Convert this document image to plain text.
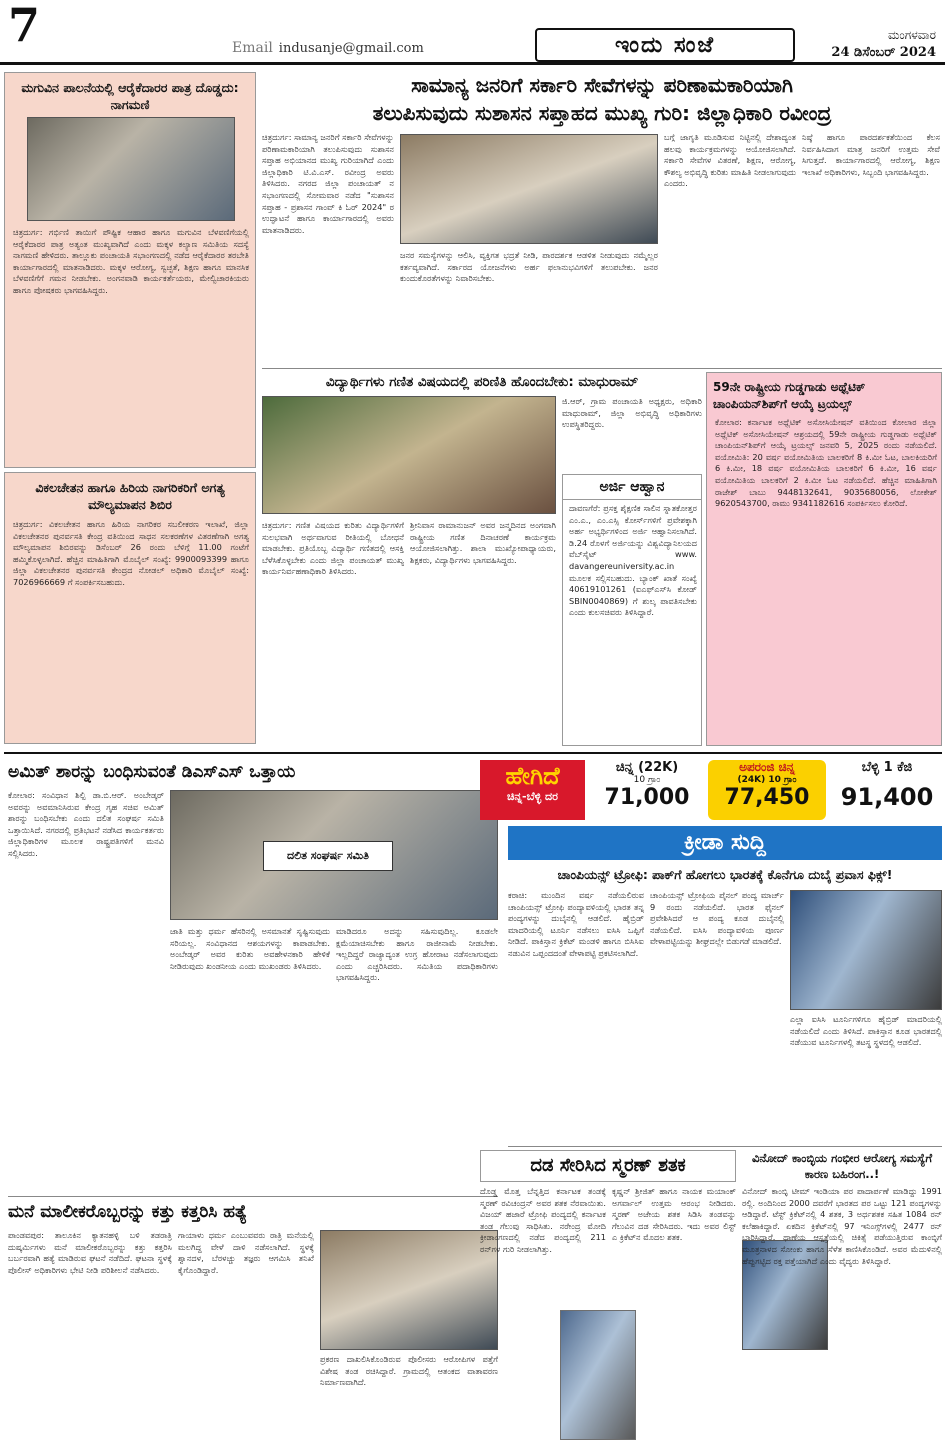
7	Email indusanje@gmail.com	ಇಂದು ಸಂಜೆ	ಮಂಗಳವಾರ
24 ಡಿಸೆಂಬರ್ 2024
ಮಗುವಿನ ಪಾಲನೆಯಲ್ಲಿ ಆರೈಕೆದಾರರ ಪಾತ್ರ ದೊಡ್ಡದು: ನಾಗಮಣಿ
ಚಿತ್ರದುರ್ಗ: ಗರ್ಭಿಣಿ ತಾಯಿಗೆ ಪೌಷ್ಟಿಕ ಆಹಾರ ಹಾಗೂ ಮಗುವಿನ ಬೆಳವಣಿಗೆಯಲ್ಲಿ ಆರೈಕೆದಾರರ ಪಾತ್ರ ಅತ್ಯಂತ ಮುಖ್ಯವಾಗಿದೆ ಎಂದು ಮಕ್ಕಳ ಕಲ್ಯಾಣ ಸಮಿತಿಯ ಸದಸ್ಯೆ ನಾಗಮಣಿ ಹೇಳಿದರು. ತಾಲ್ಲೂಕು ಪಂಚಾಯತಿ ಸಭಾಂಗಣದಲ್ಲಿ ನಡೆದ ಆರೈಕೆದಾರರ ತರಬೇತಿ ಕಾರ್ಯಾಗಾರದಲ್ಲಿ ಮಾತನಾಡಿದರು. ಮಕ್ಕಳ ಆರೋಗ್ಯ, ಸ್ವಚ್ಛತೆ, ಶಿಕ್ಷಣ ಹಾಗೂ ಮಾನಸಿಕ ಬೆಳವಣಿಗೆಗೆ ಗಮನ ನೀಡಬೇಕು. ಅಂಗನವಾಡಿ ಕಾರ್ಯಕರ್ತೆಯರು, ಮೇಲ್ವಿಚಾರಕಿಯರು ಹಾಗೂ ಪೋಷಕರು ಭಾಗವಹಿಸಿದ್ದರು.
ವಿಕಲಚೇತನ ಹಾಗೂ ಹಿರಿಯ ನಾಗರಿಕರಿಗೆ ಅಗತ್ಯ ಮೌಲ್ಯಮಾಪನ ಶಿಬಿರ
ಚಿತ್ರದುರ್ಗ: ವಿಕಲಚೇತನ ಹಾಗೂ ಹಿರಿಯ ನಾಗರಿಕರ ಸಬಲೀಕರಣ ಇಲಾಖೆ, ಜಿಲ್ಲಾ ವಿಕಲಚೇತನರ ಪುನರ್ವಸತಿ ಕೇಂದ್ರ ವತಿಯಿಂದ ಸಾಧನ ಸಲಕರಣೆಗಳ ವಿತರಣೆಗಾಗಿ ಅಗತ್ಯ ಮೌಲ್ಯಮಾಪನ ಶಿಬಿರವನ್ನು ಡಿಸೆಂಬರ್ 26 ರಂದು ಬೆಳಿಗ್ಗೆ 11.00 ಗಂಟೆಗೆ ಹಮ್ಮಿಕೊಳ್ಳಲಾಗಿದೆ. ಹೆಚ್ಚಿನ ಮಾಹಿತಿಗಾಗಿ ಮೊಬೈಲ್ ಸಂಖ್ಯೆ: 9900093399 ಹಾಗೂ ಜಿಲ್ಲಾ ವಿಕಲಚೇತನರ ಪುನರ್ವಸತಿ ಕೇಂದ್ರದ ನೋಡಲ್ ಅಧಿಕಾರಿ ಮೊಬೈಲ್ ಸಂಖ್ಯೆ: 7026966669 ಗೆ ಸಂಪರ್ಕಿಸಬಹುದು.
ಸಾಮಾನ್ಯ ಜನರಿಗೆ ಸರ್ಕಾರಿ ಸೇವೆಗಳನ್ನು ಪರಿಣಾಮಕಾರಿಯಾಗಿ
ತಲುಪಿಸುವುದು ಸುಶಾಸನ ಸಪ್ತಾಹದ ಮುಖ್ಯ ಗುರಿ: ಜಿಲ್ಲಾಧಿಕಾರಿ ರವೀಂದ್ರ
ಚಿತ್ರದುರ್ಗ: ಸಾಮಾನ್ಯ ಜನರಿಗೆ ಸರ್ಕಾರಿ ಸೇವೆಗಳನ್ನು ಪರಿಣಾಮಕಾರಿಯಾಗಿ ತಲುಪಿಸುವುದು ಸುಶಾಸನ ಸಪ್ತಾಹ ಅಭಿಯಾನದ ಮುಖ್ಯ ಗುರಿಯಾಗಿದೆ ಎಂದು ಜಿಲ್ಲಾಧಿಕಾರಿ ಟಿ.ವಿ.ಎಸ್. ರವೀಂದ್ರ ಅವರು ತಿಳಿಸಿದರು. ನಗರದ ಜಿಲ್ಲಾ ಪಂಚಾಯತ್ ನ ಸಭಾಂಗಣದಲ್ಲಿ ಸೋಮವಾರ ನಡೆದ "ಸುಶಾಸನ ಸಪ್ತಾಹ - ಪ್ರಶಾಸನ ಗಾಂವ್ ಕಿ ಓರ್ 2024" ರ ಉದ್ಘಾಟನೆ ಹಾಗೂ ಕಾರ್ಯಾಗಾರದಲ್ಲಿ ಅವರು ಮಾತನಾಡಿದರು.
ಜನರ ಸಮಸ್ಯೆಗಳನ್ನು ಆಲಿಸಿ, ವ್ಯಕ್ತಿಗತ ಭದ್ರತೆ ನೀಡಿ, ಪಾರದರ್ಶಕ ಆಡಳಿತ ನೀಡುವುದು ನಮ್ಮೆಲ್ಲರ ಕರ್ತವ್ಯವಾಗಿದೆ. ಸರ್ಕಾರದ ಯೋಜನೆಗಳು ಅರ್ಹ ಫಲಾನುಭವಿಗಳಿಗೆ ತಲುಪಬೇಕು. ಜನರ ಕುಂದುಕೊರತೆಗಳನ್ನು ನಿವಾರಿಸಬೇಕು.
ಬಗ್ಗೆ ಜಾಗೃತಿ ಮೂಡಿಸುವ ನಿಟ್ಟಿನಲ್ಲಿ ದೇಶಾದ್ಯಂತ ಹಲವು ಕಾರ್ಯಕ್ರಮಗಳನ್ನು ಆಯೋಜಿಸಲಾಗಿದೆ. ಸರ್ಕಾರಿ ಸೇವೆಗಳ ವಿತರಣೆ, ಶಿಕ್ಷಣ, ಆರೋಗ್ಯ, ಕೌಶಲ್ಯ ಅಭಿವೃದ್ಧಿ ಕುರಿತು ಮಾಹಿತಿ ನೀಡಲಾಗುವುದು ಎಂದರು.
ನಿಷ್ಠೆ ಹಾಗೂ ಪಾರದರ್ಶಕತೆಯಿಂದ ಕೆಲಸ ನಿರ್ವಹಿಸಿದಾಗ ಮಾತ್ರ ಜನರಿಗೆ ಉತ್ತಮ ಸೇವೆ ಸಿಗುತ್ತದೆ. ಕಾರ್ಯಾಗಾರದಲ್ಲಿ ಆರೋಗ್ಯ, ಶಿಕ್ಷಣ ಇಲಾಖೆ ಅಧಿಕಾರಿಗಳು, ಸಿಬ್ಬಂದಿ ಭಾಗವಹಿಸಿದ್ದರು.
ವಿದ್ಯಾರ್ಥಿಗಳು ಗಣಿತ ವಿಷಯದಲ್ಲಿ ಪರಿಣಿತಿ ಹೊಂದಬೇಕು: ಮಾಧುರಾಮ್
ಜಿ.ಆರ್, ಗ್ರಾಮ ಪಂಚಾಯತಿ ಅಧ್ಯಕ್ಷರು, ಅಧಿಕಾರಿ ಮಾಧುರಾಮ್, ಜಿಲ್ಲಾ ಅಭಿವೃದ್ಧಿ ಅಧಿಕಾರಿಗಳು ಉಪಸ್ಥಿತರಿದ್ದರು.
ಚಿತ್ರದುರ್ಗ: ಗಣಿತ ವಿಷಯದ ಕುರಿತು ವಿದ್ಯಾರ್ಥಿಗಳಿಗೆ ಸುಲಭವಾಗಿ ಅರ್ಥವಾಗುವ ರೀತಿಯಲ್ಲಿ ಬೋಧನೆ ಮಾಡಬೇಕು. ಪ್ರತಿಯೊಬ್ಬ ವಿದ್ಯಾರ್ಥಿ ಗಣಿತದಲ್ಲಿ ಆಸಕ್ತಿ ಬೆಳೆಸಿಕೊಳ್ಳಬೇಕು ಎಂದು ಜಿಲ್ಲಾ ಪಂಚಾಯತ್ ಮುಖ್ಯ ಕಾರ್ಯನಿರ್ವಹಣಾಧಿಕಾರಿ ತಿಳಿಸಿದರು.
ಶ್ರೀನಿವಾಸ ರಾಮಾನುಜನ್ ಅವರ ಜನ್ಮದಿನದ ಅಂಗವಾಗಿ ರಾಷ್ಟ್ರೀಯ ಗಣಿತ ದಿನಾಚರಣೆ ಕಾರ್ಯಕ್ರಮ ಆಯೋಜಿಸಲಾಗಿತ್ತು. ಶಾಲಾ ಮುಖ್ಯೋಪಾಧ್ಯಾಯರು, ಶಿಕ್ಷಕರು, ವಿದ್ಯಾರ್ಥಿಗಳು ಭಾಗವಹಿಸಿದ್ದರು.
ಅರ್ಜಿ ಆಹ್ವಾನ
ದಾವಣಗೆರೆ: ಪ್ರಸಕ್ತ ಶೈಕ್ಷಣಿಕ ಸಾಲಿನ ಸ್ನಾತಕೋತ್ತರ ಎಂ.ಎ., ಎಂ.ಎಸ್ಸಿ ಕೋರ್ಸ್‌ಗಳಿಗೆ ಪ್ರವೇಶಕ್ಕಾಗಿ ಅರ್ಹ ಅಭ್ಯರ್ಥಿಗಳಿಂದ ಅರ್ಜಿ ಆಹ್ವಾನಿಸಲಾಗಿದೆ. ಡಿ.24 ರೊಳಗೆ ಅರ್ಜಿಯನ್ನು ವಿಶ್ವವಿದ್ಯಾನಿಲಯದ ವೆಬ್‌ಸೈಟ್ www. davangereuniversity.ac.in ಮೂಲಕ ಸಲ್ಲಿಸಬಹುದು. ಬ್ಯಾಂಕ್ ಖಾತೆ ಸಂಖ್ಯೆ 40619101261 (ಐಎಫ್‌ಎಸ್‌ಸಿ ಕೋಡ್ SBIN0040869) ಗೆ ಶುಲ್ಕ ಪಾವತಿಸಬೇಕು ಎಂದು ಕುಲಸಚಿವರು ತಿಳಿಸಿದ್ದಾರೆ.
59ನೇ ರಾಷ್ಟ್ರೀಯ ಗುಡ್ಡಗಾಡು ಅಥ್ಲೆಟಿಕ್ ಚಾಂಪಿಯನ್‌ಶಿಪ್‌ಗೆ ಆಯ್ಕೆ ಟ್ರಯಲ್ಸ್
ಕೋಲಾರ: ಕರ್ನಾಟಕ ಅಥ್ಲೆಟಿಕ್ ಅಸೋಸಿಯೇಷನ್ ವತಿಯಿಂದ ಕೋಲಾರ ಜಿಲ್ಲಾ ಅಥ್ಲೆಟಿಕ್ ಅಸೋಸಿಯೇಷನ್ ಆಶ್ರಯದಲ್ಲಿ 59ನೇ ರಾಷ್ಟ್ರೀಯ ಗುಡ್ಡಗಾಡು ಅಥ್ಲೆಟಿಕ್ ಚಾಂಪಿಯನ್‌ಶಿಪ್‌ಗೆ ಆಯ್ಕೆ ಟ್ರಯಲ್ಸ್ ಜನವರಿ 5, 2025 ರಂದು ನಡೆಯಲಿದೆ. ವಯೋಮಿತಿ: 20 ವರ್ಷ ವಯೋಮಿತಿಯ ಬಾಲಕರಿಗೆ 8 ಕಿ.ಮೀ ಓಟ, ಬಾಲಕಿಯರಿಗೆ 6 ಕಿ.ಮೀ, 18 ವರ್ಷ ವಯೋಮಿತಿಯ ಬಾಲಕರಿಗೆ 6 ಕಿ.ಮೀ, 16 ವರ್ಷ ವಯೋಮಿತಿಯ ಬಾಲಕರಿಗೆ 2 ಕಿ.ಮೀ ಓಟ ನಡೆಯಲಿದೆ. ಹೆಚ್ಚಿನ ಮಾಹಿತಿಗಾಗಿ ರಾಜೇಶ್ ಬಾಬು 9448132641, 9035680056, ಲೋಕೇಶ್ 9620543700, ರಾಮು 9341182616 ಸಂಪರ್ಕಿಸಲು ಕೋರಿದೆ.
ಅಮಿತ್ ಶಾರನ್ನು ಬಂಧಿಸುವಂತೆ ಡಿಎಸ್‌ಎಸ್ ಒತ್ತಾಯ
ಕೋಲಾರ: ಸಂವಿಧಾನ ಶಿಲ್ಪಿ ಡಾ.ಬಿ.ಆರ್. ಅಂಬೇಡ್ಕರ್ ಅವರನ್ನು ಅವಮಾನಿಸಿರುವ ಕೇಂದ್ರ ಗೃಹ ಸಚಿವ ಅಮಿತ್ ಶಾರನ್ನು ಬಂಧಿಸಬೇಕು ಎಂದು ದಲಿತ ಸಂಘರ್ಷ ಸಮಿತಿ ಒತ್ತಾಯಿಸಿದೆ. ನಗರದಲ್ಲಿ ಪ್ರತಿಭಟನೆ ನಡೆಸಿದ ಕಾರ್ಯಕರ್ತರು ಜಿಲ್ಲಾಧಿಕಾರಿಗಳ ಮೂಲಕ ರಾಷ್ಟ್ರಪತಿಗಳಿಗೆ ಮನವಿ ಸಲ್ಲಿಸಿದರು.	ದಲಿತ ಸಂಘರ್ಷ ಸಮಿತಿ
ಜಾತಿ ಮತ್ತು ಧರ್ಮ ಹೆಸರಿನಲ್ಲಿ ಅಸಮಾನತೆ ಸೃಷ್ಟಿಸುವುದು ಸರಿಯಲ್ಲ. ಸಂವಿಧಾನದ ಆಶಯಗಳನ್ನು ಕಾಪಾಡಬೇಕು. ಅಂಬೇಡ್ಕರ್ ಅವರ ಕುರಿತು ಅವಹೇಳನಕಾರಿ ಹೇಳಿಕೆ ನೀಡಿರುವುದು ಖಂಡನೀಯ ಎಂದು ಮುಖಂಡರು ತಿಳಿಸಿದರು.
ಮಾಡಿದರೂ ಅದನ್ನು ಸಹಿಸುವುದಿಲ್ಲ. ಕೂಡಲೇ ಕ್ಷಮೆಯಾಚಿಸಬೇಕು ಹಾಗೂ ರಾಜೀನಾಮೆ ನೀಡಬೇಕು. ಇಲ್ಲದಿದ್ದರೆ ರಾಜ್ಯಾದ್ಯಂತ ಉಗ್ರ ಹೋರಾಟ ನಡೆಸಲಾಗುವುದು ಎಂದು ಎಚ್ಚರಿಸಿದರು. ಸಮಿತಿಯ ಪದಾಧಿಕಾರಿಗಳು ಭಾಗವಹಿಸಿದ್ದರು.
ಹೇಗಿದೆ
ಚಿನ್ನ-ಬೆಳ್ಳಿ ದರ
ಚಿನ್ನ (22K)
10 ಗ್ರಾಂ
71,000
ಅಪರಂಜಿ ಚಿನ್ನ
(24K) 10 ಗ್ರಾಂ
77,450
ಬೆಳ್ಳಿ 1 ಕೆಜಿ
91,400
ಕ್ರೀಡಾ ಸುದ್ದಿ
ಚಾಂಪಿಯನ್ಸ್ ಟ್ರೋಫಿ: ಪಾಕ್‌ಗೆ ಹೋಗಲು ಭಾರತಕ್ಕೆ ಕೊನೆಗೂ ದುಬೈ ಪ್ರವಾಸ ಫಿಕ್ಸ್!
ಕರಾಚಿ: ಮುಂದಿನ ವರ್ಷ ನಡೆಯಲಿರುವ ಚಾಂಪಿಯನ್ಸ್ ಟ್ರೋಫಿ ಪಂದ್ಯಾವಳಿಯಲ್ಲಿ ಭಾರತ ತನ್ನ ಪಂದ್ಯಗಳನ್ನು ದುಬೈನಲ್ಲಿ ಆಡಲಿದೆ. ಹೈಬ್ರಿಡ್ ಮಾದರಿಯಲ್ಲಿ ಟೂರ್ನಿ ನಡೆಸಲು ಐಸಿಸಿ ಒಪ್ಪಿಗೆ ನೀಡಿದೆ. ಪಾಕಿಸ್ತಾನ ಕ್ರಿಕೆಟ್ ಮಂಡಳಿ ಹಾಗೂ ಬಿಸಿಸಿಐ ನಡುವಿನ ಒಪ್ಪಂದದಂತೆ ವೇಳಾಪಟ್ಟಿ ಪ್ರಕಟಿಸಲಾಗಿದೆ.
ಚಾಂಪಿಯನ್ಸ್ ಟ್ರೋಫಿಯ ಪೈನಲ್ ಪಂದ್ಯ ಮಾರ್ಚ್ 9 ರಂದು ನಡೆಯಲಿದೆ. ಭಾರತ ಫೈನಲ್ ಪ್ರವೇಶಿಸಿದರೆ ಆ ಪಂದ್ಯ ಕೂಡ ದುಬೈನಲ್ಲಿ ನಡೆಯಲಿದೆ. ಐಸಿಸಿ ಪಂದ್ಯಾವಳಿಯ ಪೂರ್ಣ ವೇಳಾಪಟ್ಟಿಯನ್ನು ಶೀಘ್ರದಲ್ಲೇ ಬಿಡುಗಡೆ ಮಾಡಲಿದೆ.
ಎಲ್ಲಾ ಐಸಿಸಿ ಟೂರ್ನಿಗಳಿಗೂ ಹೈಬ್ರಿಡ್ ಮಾದರಿಯಲ್ಲಿ ನಡೆಯಲಿದೆ ಎಂದು ತಿಳಿಸಿದೆ. ಪಾಕಿಸ್ತಾನ ಕೂಡ ಭಾರತದಲ್ಲಿ ನಡೆಯುವ ಟೂರ್ನಿಗಳಲ್ಲಿ ತಟಸ್ಥ ಸ್ಥಳದಲ್ಲಿ ಆಡಲಿದೆ.
ಮನೆ ಮಾಲೀಕರೊಬ್ಬರನ್ನು ಕತ್ತು ಕತ್ತರಿಸಿ ಹತ್ಯೆ
ಪಾಂಡವಪುರ: ತಾಲೂಕಿನ ಕ್ಯಾತನಹಳ್ಳಿ ಬಳಿ ತಡರಾತ್ರಿ ದುಷ್ಕರ್ಮಿಗಳು ಮನೆ ಮಾಲೀಕರೊಬ್ಬರನ್ನು ಕತ್ತು ಕತ್ತರಿಸಿ ಬರ್ಬರವಾಗಿ ಹತ್ಯೆ ಮಾಡಿರುವ ಘಟನೆ ನಡೆದಿದೆ. ಘಟನಾ ಸ್ಥಳಕ್ಕೆ ಪೊಲೀಸ್ ಅಧಿಕಾರಿಗಳು ಭೇಟಿ ನೀಡಿ ಪರಿಶೀಲನೆ ನಡೆಸಿದರು.
ಗಾಯಾಳು ಧರ್ಮ ಎಂಬುವವರು ರಾತ್ರಿ ಮನೆಯಲ್ಲಿ ಮಲಗಿದ್ದ ವೇಳೆ ದಾಳಿ ನಡೆಸಲಾಗಿದೆ. ಸ್ಥಳಕ್ಕೆ ಶ್ವಾನದಳ, ಬೆರಳಚ್ಚು ತಜ್ಞರು ಆಗಮಿಸಿ ತನಿಖೆ ಕೈಗೊಂಡಿದ್ದಾರೆ.
ಪ್ರಕರಣ ದಾಖಲಿಸಿಕೊಂಡಿರುವ ಪೊಲೀಸರು ಆರೋಪಿಗಳ ಪತ್ತೆಗೆ ವಿಶೇಷ ತಂಡ ರಚಿಸಿದ್ದಾರೆ. ಗ್ರಾಮದಲ್ಲಿ ಆತಂಕದ ವಾತಾವರಣ ನಿರ್ಮಾಣವಾಗಿದೆ.
ದಡ ಸೇರಿಸಿದ ಸ್ಮರಣ್ ಶತಕ
ದೊಡ್ಡ ಮೊತ್ತ ಬೆನ್ನತ್ತಿದ ಕರ್ನಾಟಕ ತಂಡಕ್ಕೆ ಸ್ಮರಣ್ ರವಿಚಂದ್ರನ್ ಅವರ ಶತಕ ನೆರವಾಯಿತು. ವಿಜಯ್ ಹಜಾರೆ ಟ್ರೋಫಿ ಪಂದ್ಯದಲ್ಲಿ ಕರ್ನಾಟಕ ತಂಡ ಗೆಲುವು ಸಾಧಿಸಿತು. ನರೇಂದ್ರ ಮೋದಿ ಕ್ರೀಡಾಂಗಣದಲ್ಲಿ ನಡೆದ ಪಂದ್ಯದಲ್ಲಿ 211 ರನ್‌ಗಳ ಗುರಿ ನೀಡಲಾಗಿತ್ತು.
ಕೃಷ್ಣನ್ ಶ್ರೀಜಿತ್ ಹಾಗೂ ನಾಯಕ ಮಯಾಂಕ್ ಅಗರ್ವಾಲ್ ಉತ್ತಮ ಆರಂಭ ನೀಡಿದರು. ಸ್ಮರಣ್ ಅಜೇಯ ಶತಕ ಸಿಡಿಸಿ ತಂಡವನ್ನು ಗೆಲುವಿನ ದಡ ಸೇರಿಸಿದರು. ಇದು ಅವರ ಲಿಸ್ಟ್ ಎ ಕ್ರಿಕೆಟ್‌ನ ಮೊದಲ ಶತಕ.
ವಿನೋದ್ ಕಾಂಬ್ಳಿಯ ಗಂಭೀರ ಆರೋಗ್ಯ ಸಮಸ್ಯೆಗೆ ಕಾರಣ ಬಹಿರಂಗ..!
ವಿನೋದ್ ಕಾಂಬ್ಳಿ ಟೀಮ್ ಇಂಡಿಯಾ ಪರ ಪಾದಾರ್ಪಣೆ ಮಾಡಿದ್ದು 1991 ರಲ್ಲಿ. ಅಂದಿನಿಂದ 2000 ದವರೆಗೆ ಭಾರತದ ಪರ ಒಟ್ಟು 121 ಪಂದ್ಯಗಳನ್ನು ಆಡಿದ್ದಾರೆ. ಟೆಸ್ಟ್ ಕ್ರಿಕೆಟ್‌ನಲ್ಲಿ 4 ಶತಕ, 3 ಅರ್ಧಶತಕ ಸಹಿತ 1084 ರನ್ ಕಲೆಹಾಕಿದ್ದಾರೆ. ಏಕದಿನ ಕ್ರಿಕೆಟ್‌ನಲ್ಲಿ 97 ಇನಿಂಗ್ಸ್‌ಗಳಲ್ಲಿ 2477 ರನ್ ಬಾರಿಸಿದ್ದಾರೆ. ಥಾಣೆಯ ಆಸ್ಪತ್ರೆಯಲ್ಲಿ ಚಿಕಿತ್ಸೆ ಪಡೆಯುತ್ತಿರುವ ಕಾಂಬ್ಳಿಗೆ ಮೂತ್ರನಾಳದ ಸೋಂಕು ಹಾಗೂ ಸೆಳೆತ ಕಾಣಿಸಿಕೊಂಡಿದೆ. ಅವರ ಮೆದುಳಿನಲ್ಲಿ ಹೆಪ್ಪುಗಟ್ಟಿದ ರಕ್ತ ಪತ್ತೆಯಾಗಿದೆ ಎಂದು ವೈದ್ಯರು ತಿಳಿಸಿದ್ದಾರೆ.
